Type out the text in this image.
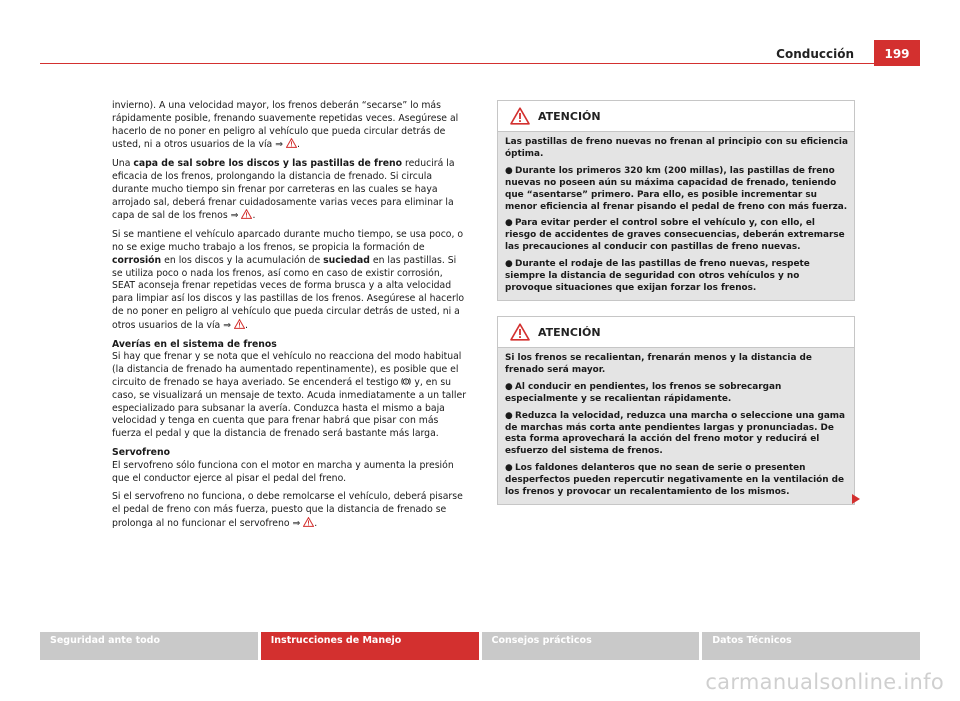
Conducción	199

invierno). A una velocidad mayor, los frenos deberán “secarse” lo más rápidamente posible, frenando suavemente repetidas veces. Asegúrese al hacerlo de no poner en peligro al vehículo que pueda circular detrás de usted, ni a otros usuarios de la vía ⇒ .

Una capa de sal sobre los discos y las pastillas de freno reducirá la eficacia de los frenos, prolongando la distancia de frenado. Si circula durante mucho tiempo sin frenar por carreteras en las cuales se haya arrojado sal, deberá frenar cuidadosamente varias veces para eliminar la capa de sal de los frenos ⇒ .

Si se mantiene el vehículo aparcado durante mucho tiempo, se usa poco, o no se exige mucho trabajo a los frenos, se propicia la formación de corrosión en los discos y la acumulación de suciedad en las pastillas. Si se utiliza poco o nada los frenos, así como en caso de existir corrosión, SEAT aconseja frenar repetidas veces de forma brusca y a alta velocidad para limpiar así los discos y las pastillas de los frenos. Asegúrese al hacerlo de no poner en peligro al vehículo que pueda circular detrás de usted, ni a otros usuarios de la vía ⇒ .

Averías en el sistema de frenos

Si hay que frenar y se nota que el vehículo no reacciona del modo habitual (la distancia de frenado ha aumentado repentinamente), es posible que el circuito de frenado se haya averiado. Se encenderá el testigo  y, en su caso, se visualizará un mensaje de texto. Acuda inmediatamente a un taller especializado para subsanar la avería. Conduzca hasta el mismo a baja velocidad y tenga en cuenta que para frenar habrá que pisar con más fuerza el pedal y que la distancia de frenado será bastante más larga.

Servofreno

El servofreno sólo funciona con el motor en marcha y aumenta la presión que el conductor ejerce al pisar el pedal del freno.

Si el servofreno no funciona, o debe remolcarse el vehículo, deberá pisarse el pedal de freno con más fuerza, puesto que la distancia de frenado se prolonga al no funcionar el servofreno ⇒ .

ATENCIÓN

Las pastillas de freno nuevas no frenan al principio con su eficiencia óptima.

● Durante los primeros 320 km (200 millas), las pastillas de freno nuevas no poseen aún su máxima capacidad de frenado, teniendo que “asentarse” primero. Para ello, es posible incrementar su menor eficiencia al frenar pisando el pedal de freno con más fuerza.

● Para evitar perder el control sobre el vehículo y, con ello, el riesgo de accidentes de graves consecuencias, deberán extremarse las precauciones al conducir con pastillas de freno nuevas.

● Durante el rodaje de las pastillas de freno nuevas, respete siempre la distancia de seguridad con otros vehículos y no provoque situaciones que exijan forzar los frenos.

ATENCIÓN

Si los frenos se recalientan, frenarán menos y la distancia de frenado será mayor.

● Al conducir en pendientes, los frenos se sobrecargan especialmente y se recalientan rápidamente.

● Reduzca la velocidad, reduzca una marcha o seleccione una gama de marchas más corta ante pendientes largas y pronunciadas. De esta forma aprovechará la acción del freno motor y reducirá el esfuerzo del sistema de frenos.

● Los faldones delanteros que no sean de serie o presenten desperfectos pueden repercutir negativamente en la ventilación de los frenos y provocar un recalentamiento de los mismos.

Seguridad ante todo	Instrucciones de Manejo	Consejos prácticos	Datos Técnicos
carmanualsonline.info
